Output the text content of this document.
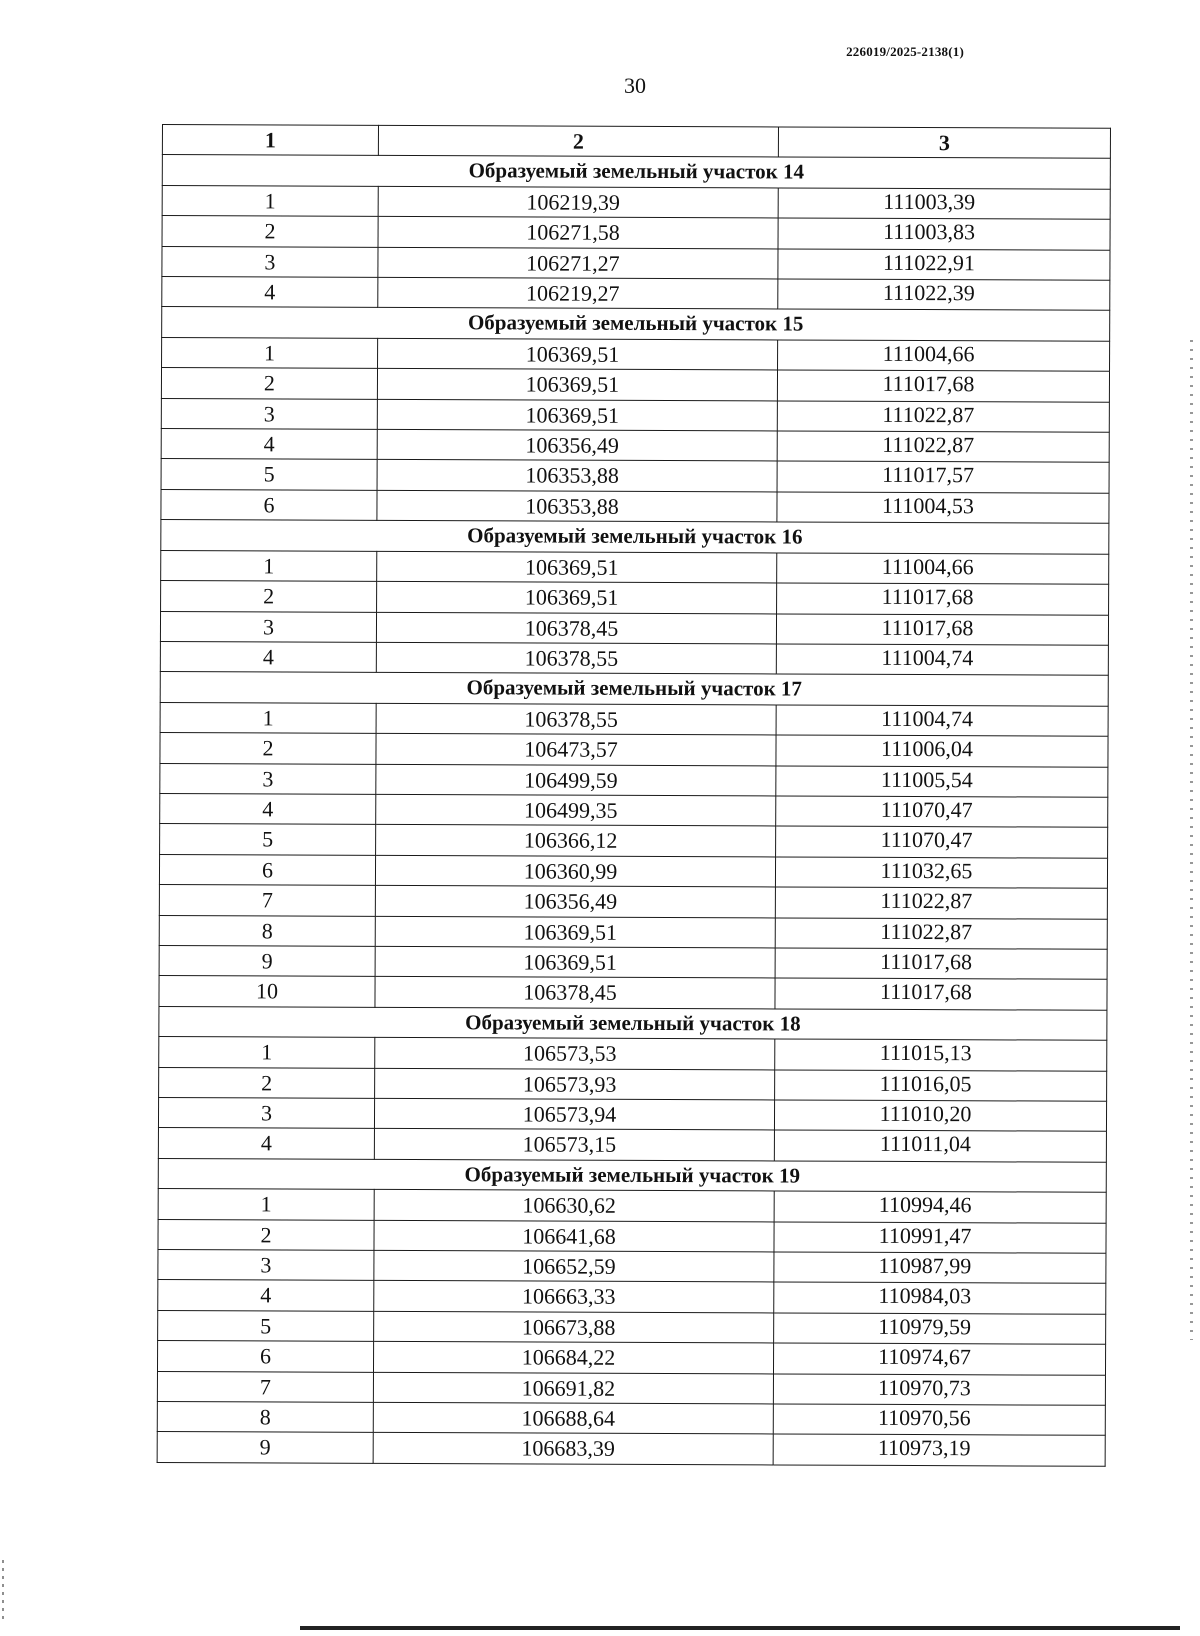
226019/2025-2138(1)
30
1	2	3
Образуемый земельный участок 14		
1	106219,39	111003,39
2	106271,58	111003,83
3	106271,27	111022,91
4	106219,27	111022,39
Образуемый земельный участок 15		
1	106369,51	111004,66
2	106369,51	111017,68
3	106369,51	111022,87
4	106356,49	111022,87
5	106353,88	111017,57
6	106353,88	111004,53
Образуемый земельный участок 16		
1	106369,51	111004,66
2	106369,51	111017,68
3	106378,45	111017,68
4	106378,55	111004,74
Образуемый земельный участок 17		
1	106378,55	111004,74
2	106473,57	111006,04
3	106499,59	111005,54
4	106499,35	111070,47
5	106366,12	111070,47
6	106360,99	111032,65
7	106356,49	111022,87
8	106369,51	111022,87
9	106369,51	111017,68
10	106378,45	111017,68
Образуемый земельный участок 18		
1	106573,53	111015,13
2	106573,93	111016,05
3	106573,94	111010,20
4	106573,15	111011,04
Образуемый земельный участок 19		
1	106630,62	110994,46
2	106641,68	110991,47
3	106652,59	110987,99
4	106663,33	110984,03
5	106673,88	110979,59
6	106684,22	110974,67
7	106691,82	110970,73
8	106688,64	110970,56
9	106683,39	110973,19
